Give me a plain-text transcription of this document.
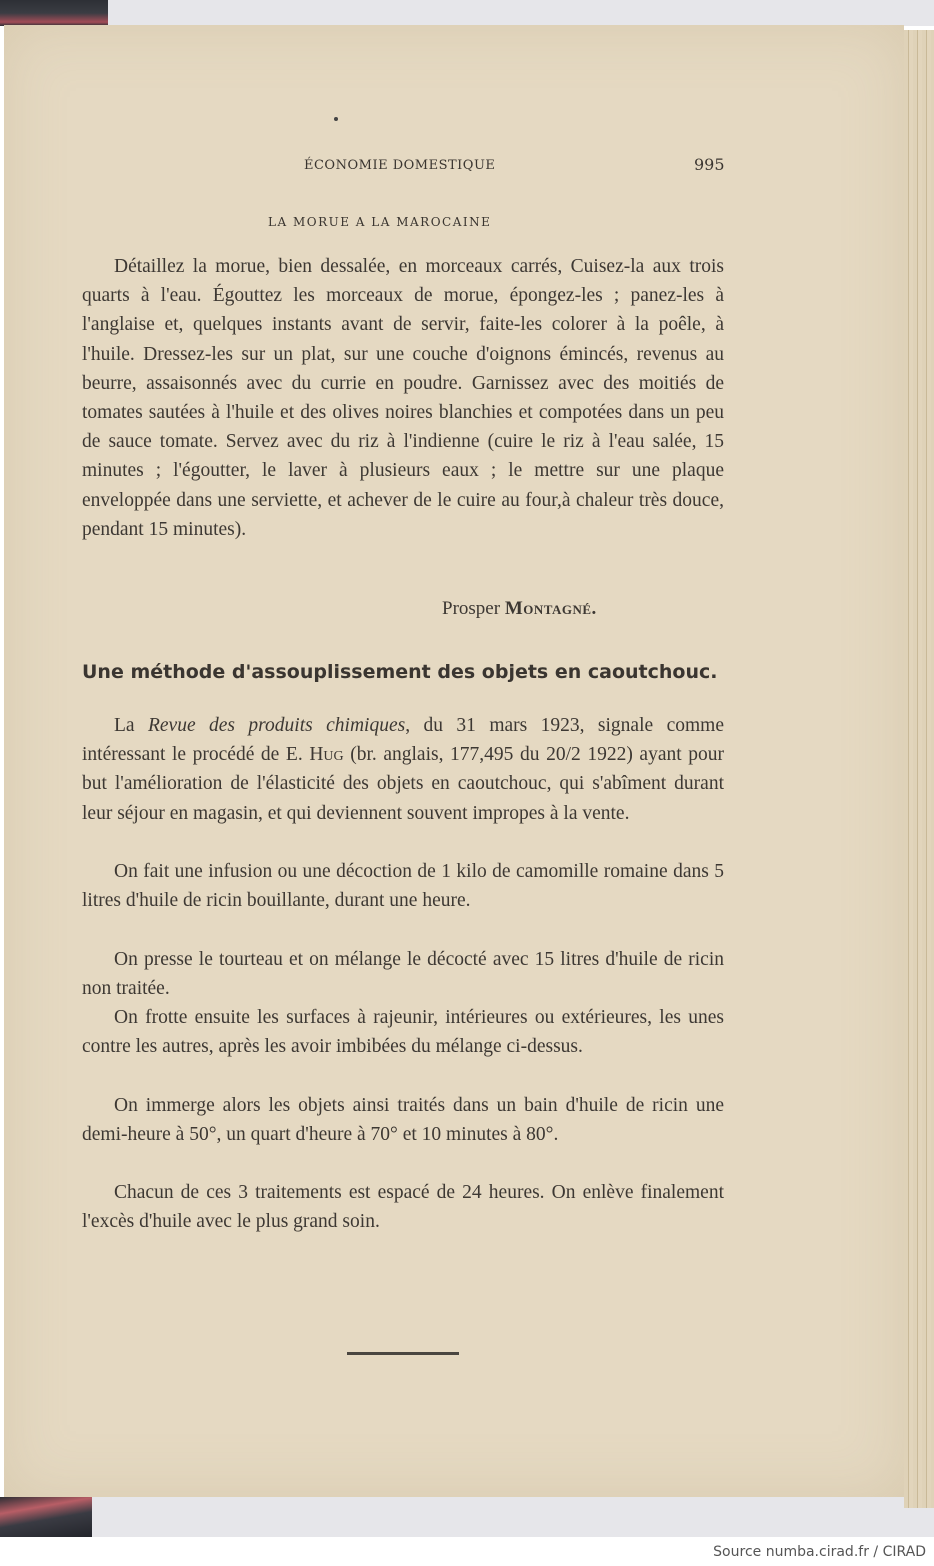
ÉCONOMIE DOMESTIQUE	995
LA MORUE A LA MAROCAINE
Détaillez la morue, bien dessalée, en morceaux carrés, Cuisez-la aux trois quarts à l'eau. Égouttez les morceaux de morue, épongez-les ; panez-les à l'anglaise et, quelques instants avant de servir, faite-les colorer à la poêle, à l'huile. Dressez-les sur un plat, sur une couche d'oignons émincés, revenus au beurre, assaisonnés avec du currie en poudre. Garnissez avec des moitiés de tomates sautées à l'huile et des olives noires blanchies et compotées dans un peu de sauce tomate. Servez avec du riz à l'indienne (cuire le riz à l'eau salée, 15 minutes ; l'égoutter, le laver à plusieurs eaux ; le mettre sur une plaque enveloppée dans une serviette, et achever de le cuire au four,à chaleur très douce, pendant 15 minutes).
Prosper Montagné.
Une méthode d'assouplissement des objets en caoutchouc.
La Revue des produits chimiques, du 31 mars 1923, signale comme intéressant le procédé de E. Hug (br. anglais, 177,495 du 20/2 1922) ayant pour but l'amélioration de l'élasticité des objets en caoutchouc, qui s'abîment durant leur séjour en magasin, et qui deviennent souvent impropes à la vente.
On fait une infusion ou une décoction de 1 kilo de camomille romaine dans 5 litres d'huile de ricin bouillante, durant une heure.
On presse le tourteau et on mélange le décocté avec 15 litres d'huile de ricin non traitée.
On frotte ensuite les surfaces à rajeunir, intérieures ou extérieures, les unes contre les autres, après les avoir imbibées du mélange ci-dessus.
On immerge alors les objets ainsi traités dans un bain d'huile de ricin une demi-heure à 50°, un quart d'heure à 70° et 10 minutes à 80°.
Chacun de ces 3 traitements est espacé de 24 heures. On enlève finalement l'excès d'huile avec le plus grand soin.
Source numba.cirad.fr / CIRAD
